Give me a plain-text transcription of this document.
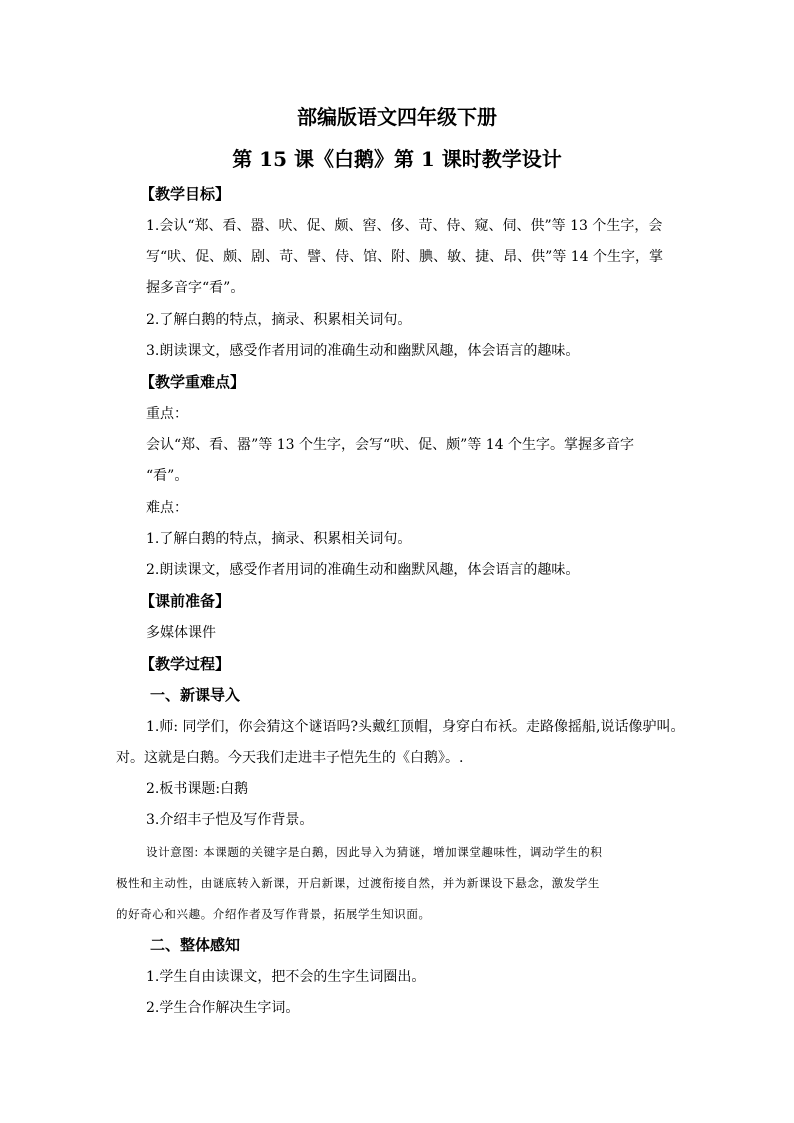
部编版语文四年级下册
第 15 课《白鹅》第 1 课时教学设计
【教学目标】
1.会认“郑、看、嚣、吠、促、颇、窖、侈、苛、侍、窥、伺、供”等 13 个生字，会
写“吠、促、颇、剧、苛、譬、侍、馆、附、腆、敏、捷、昂、供”等 14 个生字，掌
握多音字“看”。
2.了解白鹅的特点，摘录、积累相关词句。
3.朗读课文，感受作者用词的准确生动和幽默风趣，体会语言的趣味。
【教学重难点】
重点：
会认“郑、看、嚣”等 13 个生字，会写“吠、促、颇”等 14 个生字。掌握多音字
“看”。
难点：
1.了解白鹅的特点，摘录、积累相关词句。
2.朗读课文，感受作者用词的准确生动和幽默风趣，体会语言的趣味。
【课前准备】
多媒体课件
【教学过程】
一、新课导入
1.师: 同学们，你会猜这个谜语吗?头戴红顶帽，身穿白布袄。走路像摇船,说话像驴叫。
对。这就是白鹅。今天我们走进丰子恺先生的《白鹅》。.
2.板书课题:白鹅
3.介绍丰子恺及写作背景。
设计意图: 本课题的关键字是白鹅，因此导入为猜谜，增加课堂趣味性，调动学生的积
极性和主动性，由谜底转入新课，开启新课，过渡衔接自然，并为新课设下悬念，激发学生
的好奇心和兴趣。介绍作者及写作背景，拓展学生知识面。
二、整体感知
1.学生自由读课文，把不会的生字生词圈出。
2.学生合作解决生字词。
